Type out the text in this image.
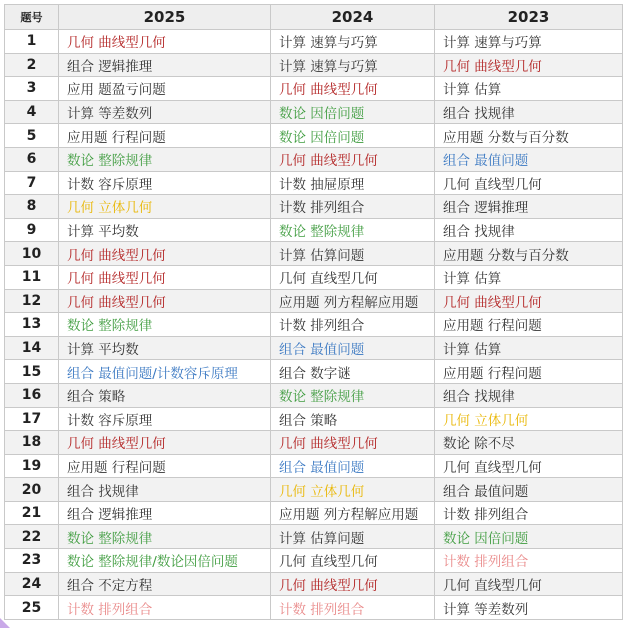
题号	2025	2024	2023
1	几何 曲线型几何	计算 速算与巧算	计算 速算与巧算
2	组合 逻辑推理	计算 速算与巧算	几何 曲线型几何
3	应用 题盈亏问题	几何 曲线型几何	计算 估算
4	计算 等差数列	数论 因倍问题	组合 找规律
5	应用题 行程问题	数论 因倍问题	应用题 分数与百分数
6	数论 整除规律	几何 曲线型几何	组合 最值问题
7	计数 容斥原理	计数 抽屉原理	几何 直线型几何
8	几何 立体几何	计数 排列组合	组合 逻辑推理
9	计算 平均数	数论 整除规律	组合 找规律
10	几何 曲线型几何	计算 估算问题	应用题 分数与百分数
11	几何 曲线型几何	几何 直线型几何	计算 估算
12	几何 曲线型几何	应用题 列方程解应用题	几何 曲线型几何
13	数论 整除规律	计数 排列组合	应用题 行程问题
14	计算 平均数	组合 最值问题	计算 估算
15	组合 最值问题/计数容斥原理	组合 数字谜	应用题 行程问题
16	组合 策略	数论 整除规律	组合 找规律
17	计数 容斥原理	组合 策略	几何 立体几何
18	几何 曲线型几何	几何 曲线型几何	数论 除不尽
19	应用题 行程问题	组合 最值问题	几何 直线型几何
20	组合 找规律	几何 立体几何	组合 最值问题
21	组合 逻辑推理	应用题 列方程解应用题	计数 排列组合
22	数论 整除规律	计算 估算问题	数论 因倍问题
23	数论 整除规律/数论因倍问题	几何 直线型几何	计数 排列组合
24	组合 不定方程	几何 曲线型几何	几何 直线型几何
25	计数 排列组合	计数 排列组合	计算 等差数列
